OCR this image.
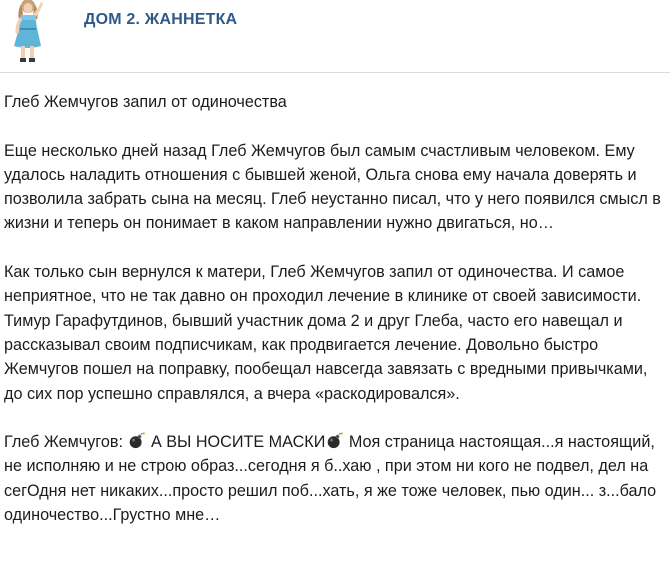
ДОМ 2. ЖАННЕТКА

Глеб Жемчугов запил от одиночества

Еще несколько дней назад Глеб Жемчугов был самым счастливым человеком. Ему удалось наладить отношения с бывшей женой, Ольга снова ему начала доверять и позволила забрать сына на месяц. Глеб неустанно писал, что у него появился смысл в жизни и теперь он понимает в каком направлении нужно двигаться, но…

Как только сын вернулся к матери, Глеб Жемчугов запил от одиночества. И самое неприятное, что не так давно он проходил лечение в клинике от своей зависимости. Тимур Гарафутдинов, бывший участник дома 2 и друг Глеба, часто его навещал и рассказывал своим подписчикам, как продвигается лечение. Довольно быстро Жемчугов пошел на поправку, пообещал навсегда завязать с вредными привычками, до сих пор успешно справлялся, а вчера «раскодировался».

Глеб Жемчугов:  А ВЫ НОСИТЕ МАСКИ Моя страница настоящая...я настоящий, не исполняю и не строю образ...сегодня я б..хаю , при этом ни кого не подвел, дел на сегОдня нет никаких...просто решил поб...хать, я же тоже человек, пью один... з...бало одиночество...Грустно мне…
